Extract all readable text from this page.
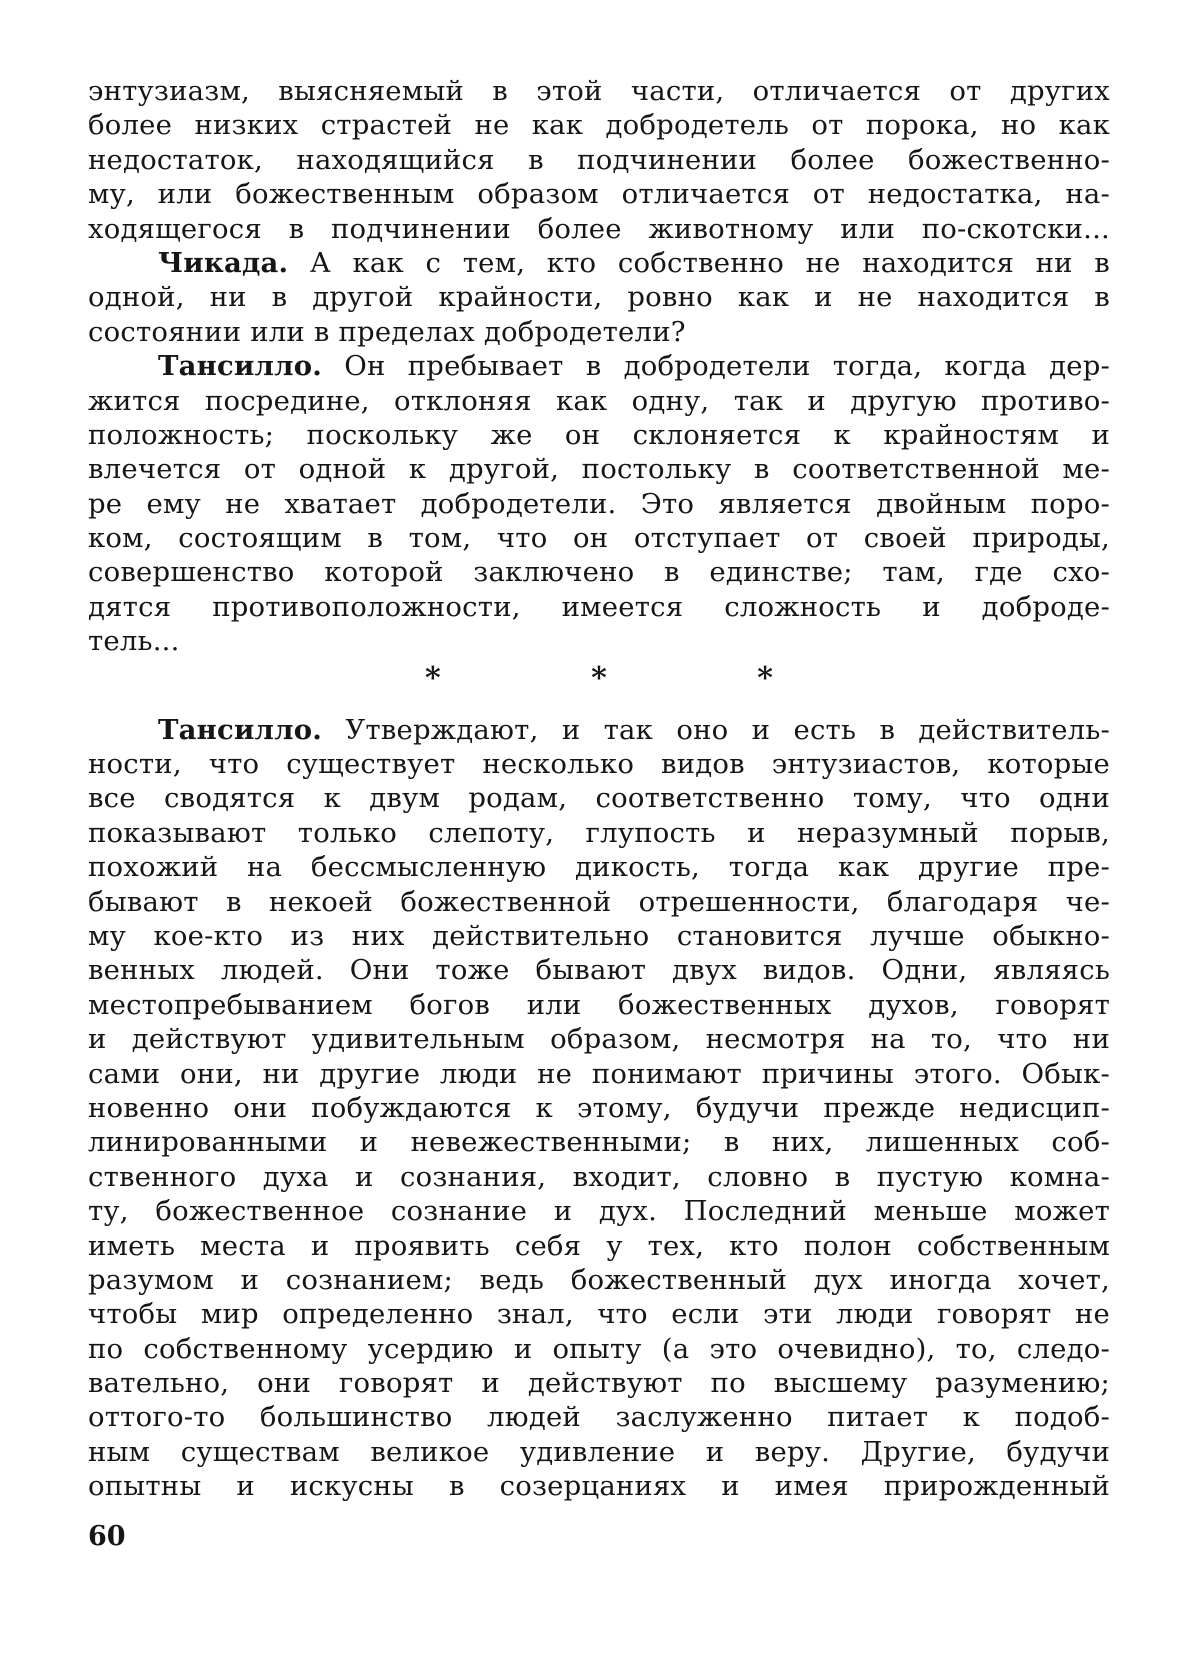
энтузиазм, выясняемый в этой части, отличается от других
более низких страстей не как добродетель от порока, но как
недостаток, находящийся в подчинении более божественно-
му, или божественным образом отличается от недостатка, на-
ходящегося в подчинении более животному или по-скотски...
Чикада. А как с тем, кто собственно не находится ни в
одной, ни в другой крайности, ровно как и не находится в
состоянии или в пределах добродетели?
Тансилло. Он пребывает в добродетели тогда, когда дер-
жится посредине, отклоняя как одну, так и другую противо-
положность; поскольку же он склоняется к крайностям и
влечется от одной к другой, постольку в соответственной ме-
ре ему не хватает добродетели. Это является двойным поро-
ком, состоящим в том, что он отступает от своей природы,
совершенство которой заключено в единстве; там, где схо-
дятся противоположности, имеется сложность и доброде-
тель...
* * *
Тансилло. Утверждают, и так оно и есть в действитель-
ности, что существует несколько видов энтузиастов, которые
все сводятся к двум родам, соответственно тому, что одни
показывают только слепоту, глупость и неразумный порыв,
похожий на бессмысленную дикость, тогда как другие пре-
бывают в некоей божественной отрешенности, благодаря че-
му кое-кто из них действительно становится лучше обыкно-
венных людей. Они тоже бывают двух видов. Одни, являясь
местопребыванием богов или божественных духов, говорят
и действуют удивительным образом, несмотря на то, что ни
сами они, ни другие люди не понимают причины этого. Обык-
новенно они побуждаются к этому, будучи прежде недисцип-
линированными и невежественными; в них, лишенных соб-
ственного духа и сознания, входит, словно в пустую комна-
ту, божественное сознание и дух. Последний меньше может
иметь места и проявить себя у тех, кто полон собственным
разумом и сознанием; ведь божественный дух иногда хочет,
чтобы мир определенно знал, что если эти люди говорят не
по собственному усердию и опыту (а это очевидно), то, следо-
вательно, они говорят и действуют по высшему разумению;
оттого-то большинство людей заслуженно питает к подоб-
ным существам великое удивление и веру. Другие, будучи
опытны и искусны в созерцаниях и имея прирожденный
60
